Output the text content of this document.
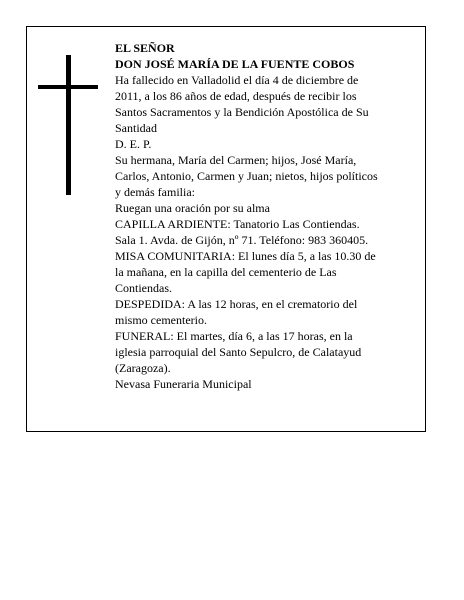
EL SEÑOR
DON JOSÉ MARÍA DE LA FUENTE COBOS
Ha fallecido en Valladolid el día 4 de diciembre de
2011, a los 86 años de edad, después de recibir los
Santos Sacramentos y la Bendición Apostólica de Su
Santidad
D. E. P.
Su hermana, María del Carmen; hijos, José María,
Carlos, Antonio, Carmen y Juan; nietos, hijos políticos
y demás familia:
Ruegan una oración por su alma
CAPILLA ARDIENTE: Tanatorio Las Contiendas.
Sala 1. Avda. de Gijón, nº 71. Teléfono: 983 360405.
MISA COMUNITARIA: El lunes día 5, a las 10.30 de
la mañana, en la capilla del cementerio de Las
Contiendas.
DESPEDIDA: A las 12 horas, en el crematorio del
mismo cementerio.
FUNERAL: El martes, día 6, a las 17 horas, en la
iglesia parroquial del Santo Sepulcro, de Calatayud
(Zaragoza).
Nevasa Funeraria Municipal
